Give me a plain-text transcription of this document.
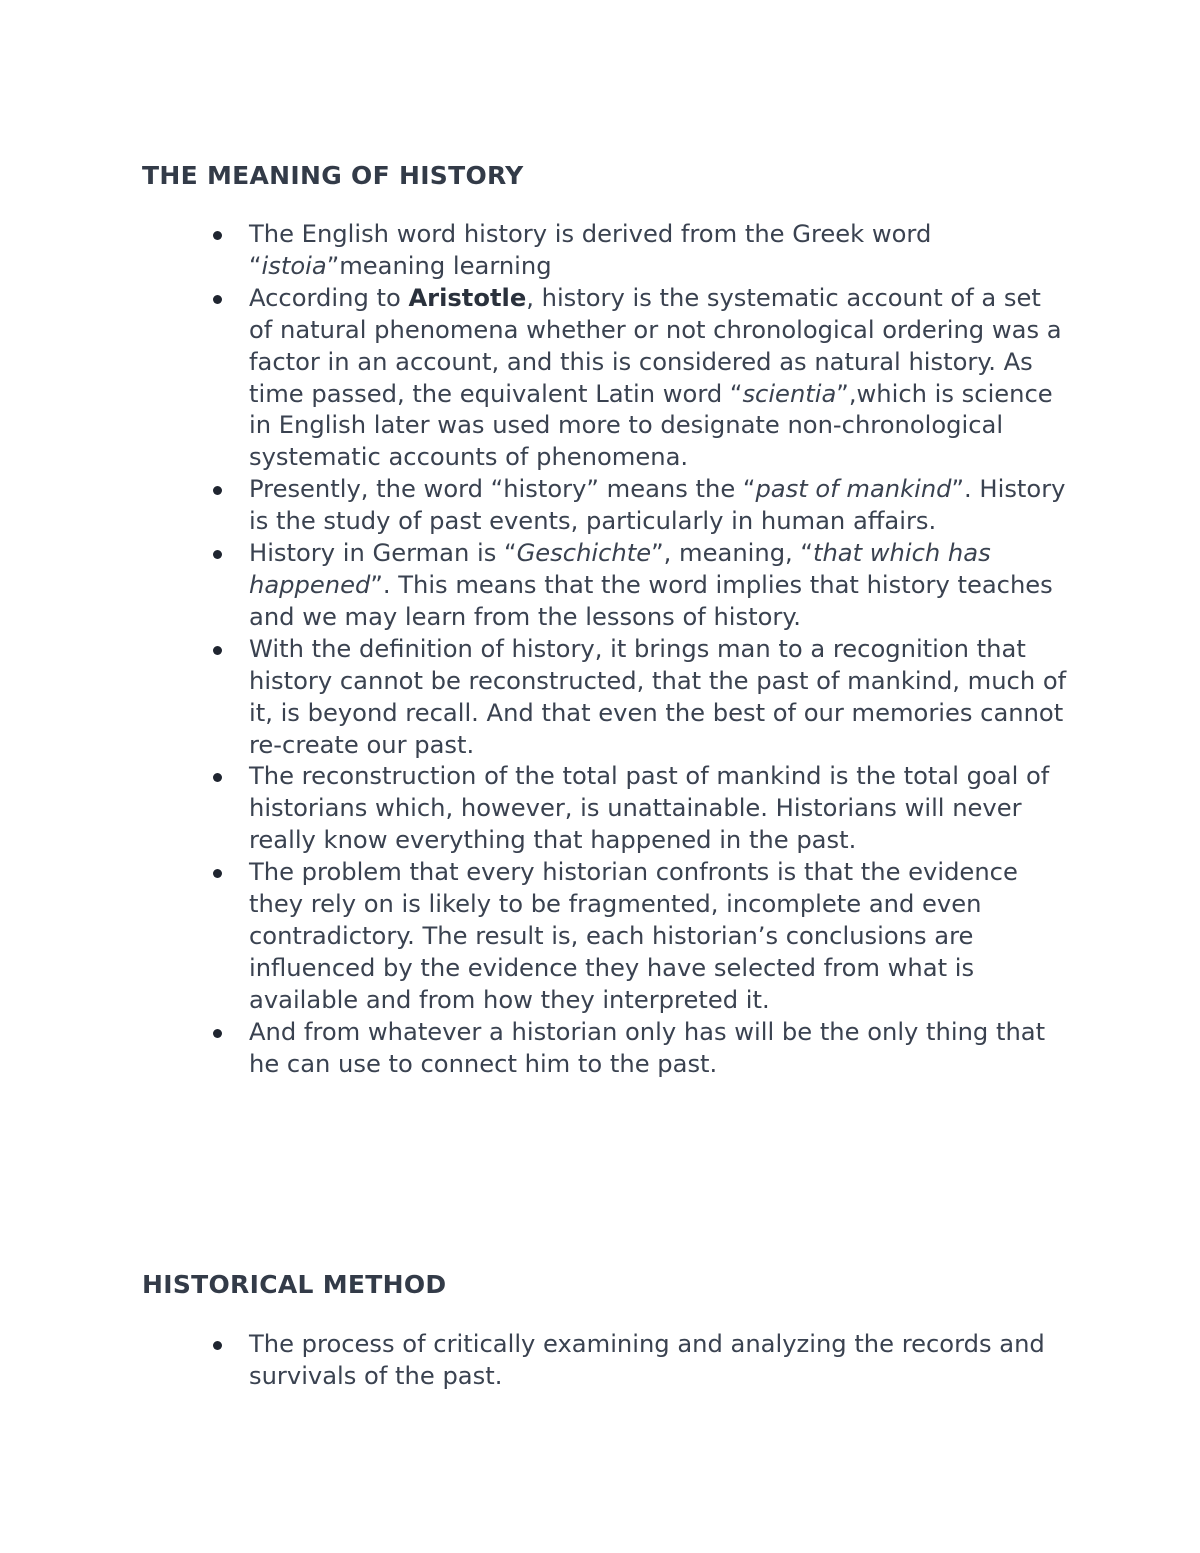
THE MEANING OF HISTORY
The English word history is derived from the Greek word “istoia”meaning learning
According to Aristotle, history is the systematic account of a set of natural phenomena whether or not chronological ordering was a factor in an account, and this is considered as natural history. As time passed, the equivalent Latin word “scientia”,which is science in English later was used more to designate non-chronological systematic accounts of phenomena.
Presently, the word “history” means the “past of mankind”. History is the study of past events, particularly in human affairs.
History in German is “Geschichte”, meaning, “that which has happened”. This means that the word implies that history teaches and we may learn from the lessons of history.
With the definition of history, it brings man to a recognition that history cannot be reconstructed, that the past of mankind, much of it, is beyond recall. And that even the best of our memories cannot re-create our past.
The reconstruction of the total past of mankind is the total goal of historians which, however, is unattainable. Historians will never really know everything that happened in the past.
The problem that every historian confronts is that the evidence they rely on is likely to be fragmented, incomplete and even contradictory. The result is, each historian’s conclusions are influenced by the evidence they have selected from what is available and from how they interpreted it.
And from whatever a historian only has will be the only thing that he can use to connect him to the past.
HISTORICAL METHOD
The process of critically examining and analyzing the records and survivals of the past.
